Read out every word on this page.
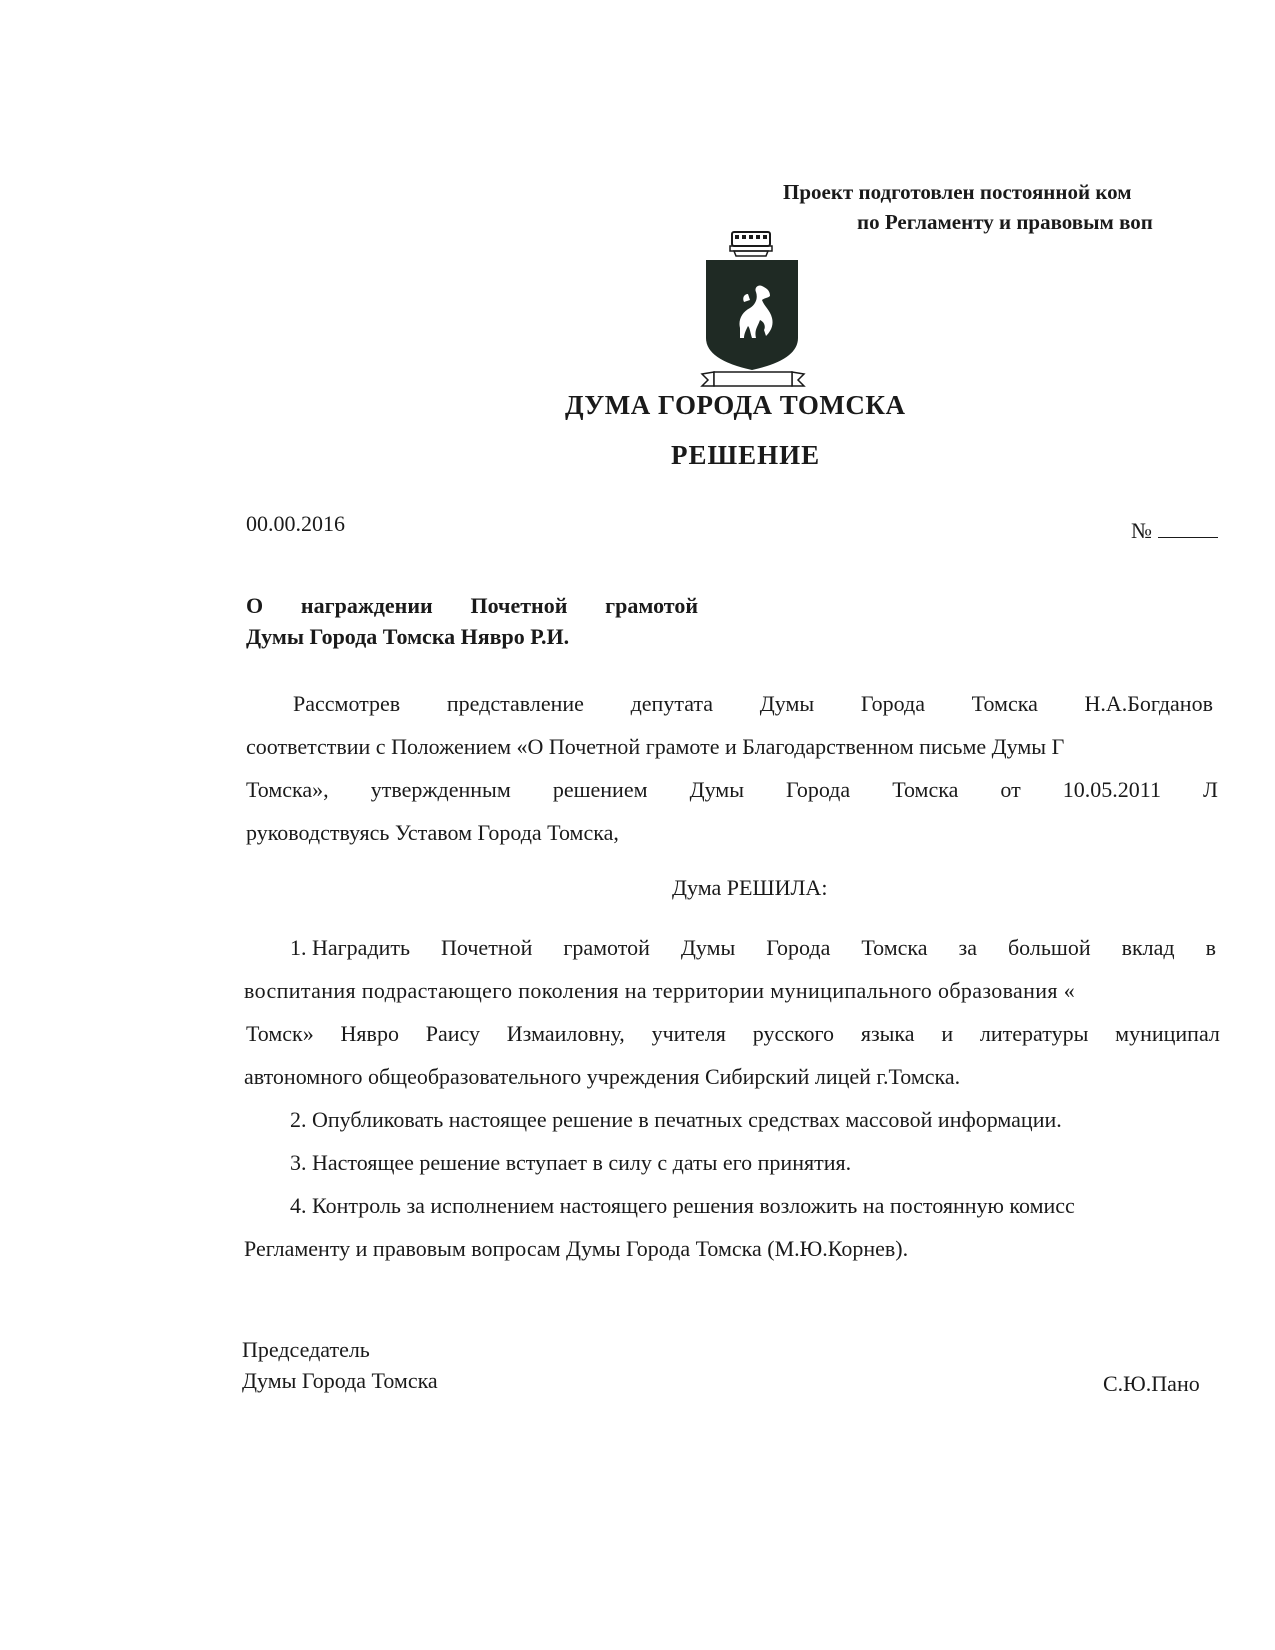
Проект подготовлен постоянной ком
по Регламенту и правовым воп
ДУМА ГОРОДА ТОМСКА
РЕШЕНИЕ
00.00.2016	№
О награждении Почетной грамотой
Думы Города Томска Нявро Р.И.
Рассмотрев представление депутата Думы Города Томска Н.А.Богданов
соответствии с Положением «О Почетной грамоте и Благодарственном письме Думы Г
Томска», утвержденным решением Думы Города Томска от 10.05.2011 Л
руководствуясь Уставом Города Томска,
Дума РЕШИЛА:
1. Наградить Почетной грамотой Думы Города Томска за большой вклад в
воспитания подрастающего поколения на территории муниципального образования «
Томск» Нявро Раису Измаиловну, учителя русского языка и литературы муниципал
автономного общеобразовательного учреждения Сибирский лицей г.Томска.
2. Опубликовать настоящее решение в печатных средствах массовой информации.
3. Настоящее решение вступает в силу с даты его принятия.
4. Контроль за исполнением настоящего решения возложить на постоянную комисс
Регламенту и правовым вопросам Думы Города Томска (М.Ю.Корнев).
Председатель
Думы Города Томска	С.Ю.Пано
